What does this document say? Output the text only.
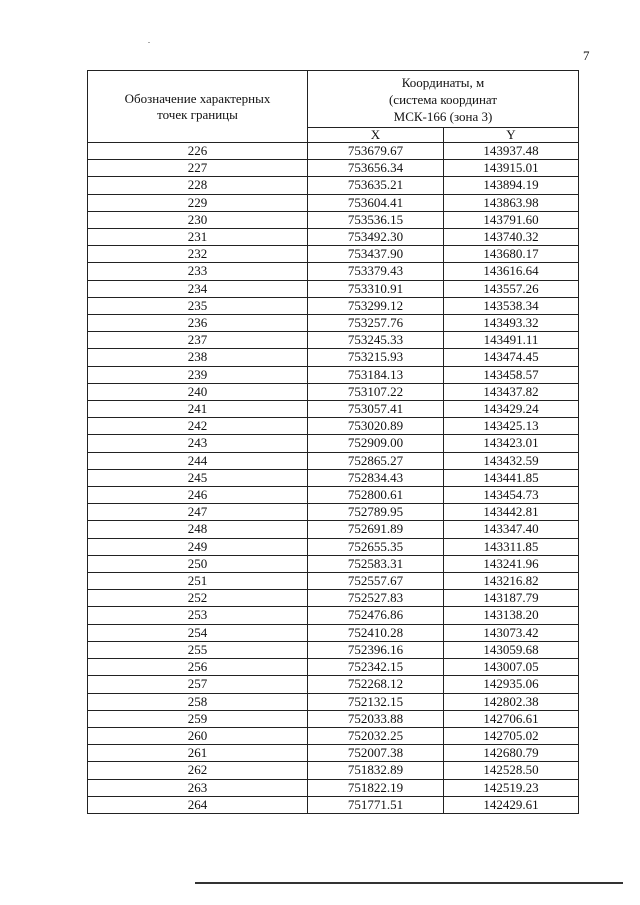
7
Обозначение характерных точек границы	Координаты, м
(система координат
МСК-166 (зона 3)	

	X	Y
226	753679.67	143937.48
227	753656.34	143915.01
228	753635.21	143894.19
229	753604.41	143863.98
230	753536.15	143791.60
231	753492.30	143740.32
232	753437.90	143680.17
233	753379.43	143616.64
234	753310.91	143557.26
235	753299.12	143538.34
236	753257.76	143493.32
237	753245.33	143491.11
238	753215.93	143474.45
239	753184.13	143458.57
240	753107.22	143437.82
241	753057.41	143429.24
242	753020.89	143425.13
243	752909.00	143423.01
244	752865.27	143432.59
245	752834.43	143441.85
246	752800.61	143454.73
247	752789.95	143442.81
248	752691.89	143347.40
249	752655.35	143311.85
250	752583.31	143241.96
251	752557.67	143216.82
252	752527.83	143187.79
253	752476.86	143138.20
254	752410.28	143073.42
255	752396.16	143059.68
256	752342.15	143007.05
257	752268.12	142935.06
258	752132.15	142802.38
259	752033.88	142706.61
260	752032.25	142705.02
261	752007.38	142680.79
262	751832.89	142528.50
263	751822.19	142519.23
264	751771.51	142429.61
